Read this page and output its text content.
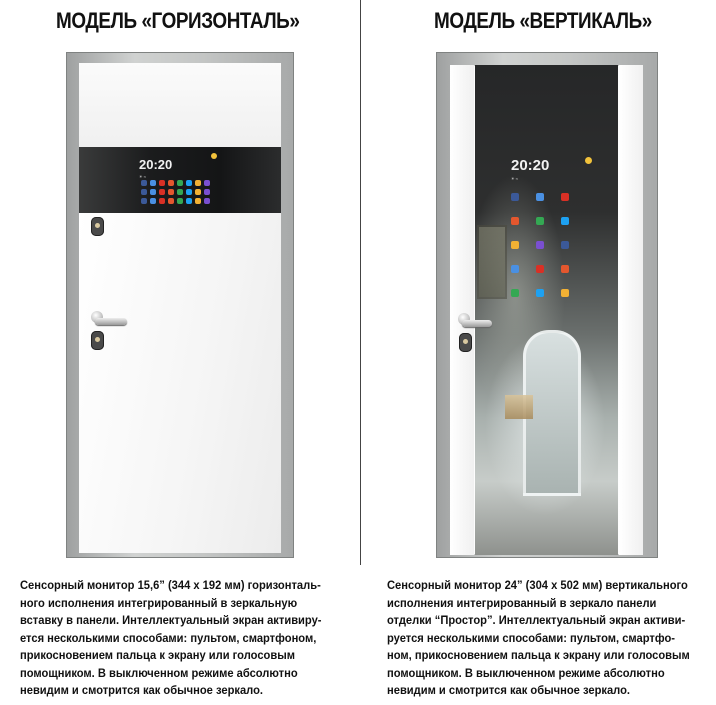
МОДЕЛЬ «ГОРИЗОНТАЛЬ»	МОДЕЛЬ «ВЕРТИКАЛЬ»
20:20
☀ ≈
20:20
☀ ≈
Сенсорный монитор 15,6” (344 x 192 мм) горизонталь-
ного исполнения интегрированный в зеркальную
вставку в панели. Интеллектуальный экран активиру-
ется несколькими способами: пультом, смартфоном,
прикосновением пальца к экрану или голосовым
помощником. В выключенном режиме абсолютно
невидим и смотрится как обычное зеркало.
Сенсорный монитор 24” (304 x 502 мм) вертикального
исполнения интегрированный в зеркало панели
отделки “Простор”. Интеллектуальный экран активи-
руется несколькими способами: пультом, смартфо-
ном, прикосновением пальца к экрану или голосовым
помощником. В выключенном режиме абсолютно
невидим и смотрится как обычное зеркало.
